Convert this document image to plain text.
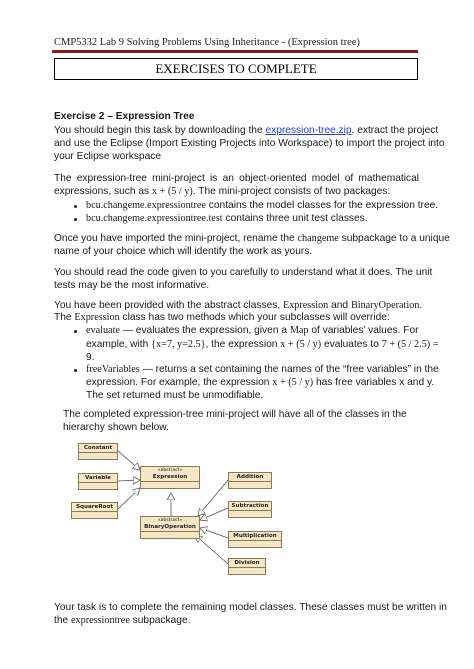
CMP5332 Lab 9 Solving Problems Using Inheritance - (Expression tree)
EXERCISES TO COMPLETE
Exercise 2 – Expression Tree
You should begin this task by downloading the expression-tree.zip, extract the project
and use the Eclipse (Import Existing Projects into Workspace) to import the project into
your Eclipse workspace
The expression-tree mini-project is an object-oriented model of mathematical
expressions, such as x + (5 / y). The mini-project consists of two packages:
bcu.changeme.expressiontree contains the model classes for the expression tree.
bcu.changeme.expressiontree.test contains three unit test classes.
Once you have imported the mini-project, rename the changeme subpackage to a unique
name of your choice which will identify the work as yours.
You should read the code given to you carefully to understand what it does. The unit
tests may be the most informative.
You have been provided with the abstract classes, Expression and BinaryOperation.
The Expression class has two methods which your subclasses will override:
evaluate — evaluates the expression, given a Map of variables’ values. For
example, with {x=7, y=2.5}, the expression x + (5 / y) evaluates to 7 + (5 / 2.5) =
9.
freeVariables — returns a set containing the names of the “free variables” in the
expression. For example, the expression x + (5 / y) has free variables x and y.
The set returned must be unmodifiable.
The completed expression-tree mini-project will have all of the classes in the
hierarchy shown below.
Constant
Variable
SquareRoot
«abstract»
Expression
«abstract»
BinaryOperation
Addition
Subtraction
Multiplication
Division
Your task is to complete the remaining model classes. These classes must be written in
the expressiontree subpackage.
